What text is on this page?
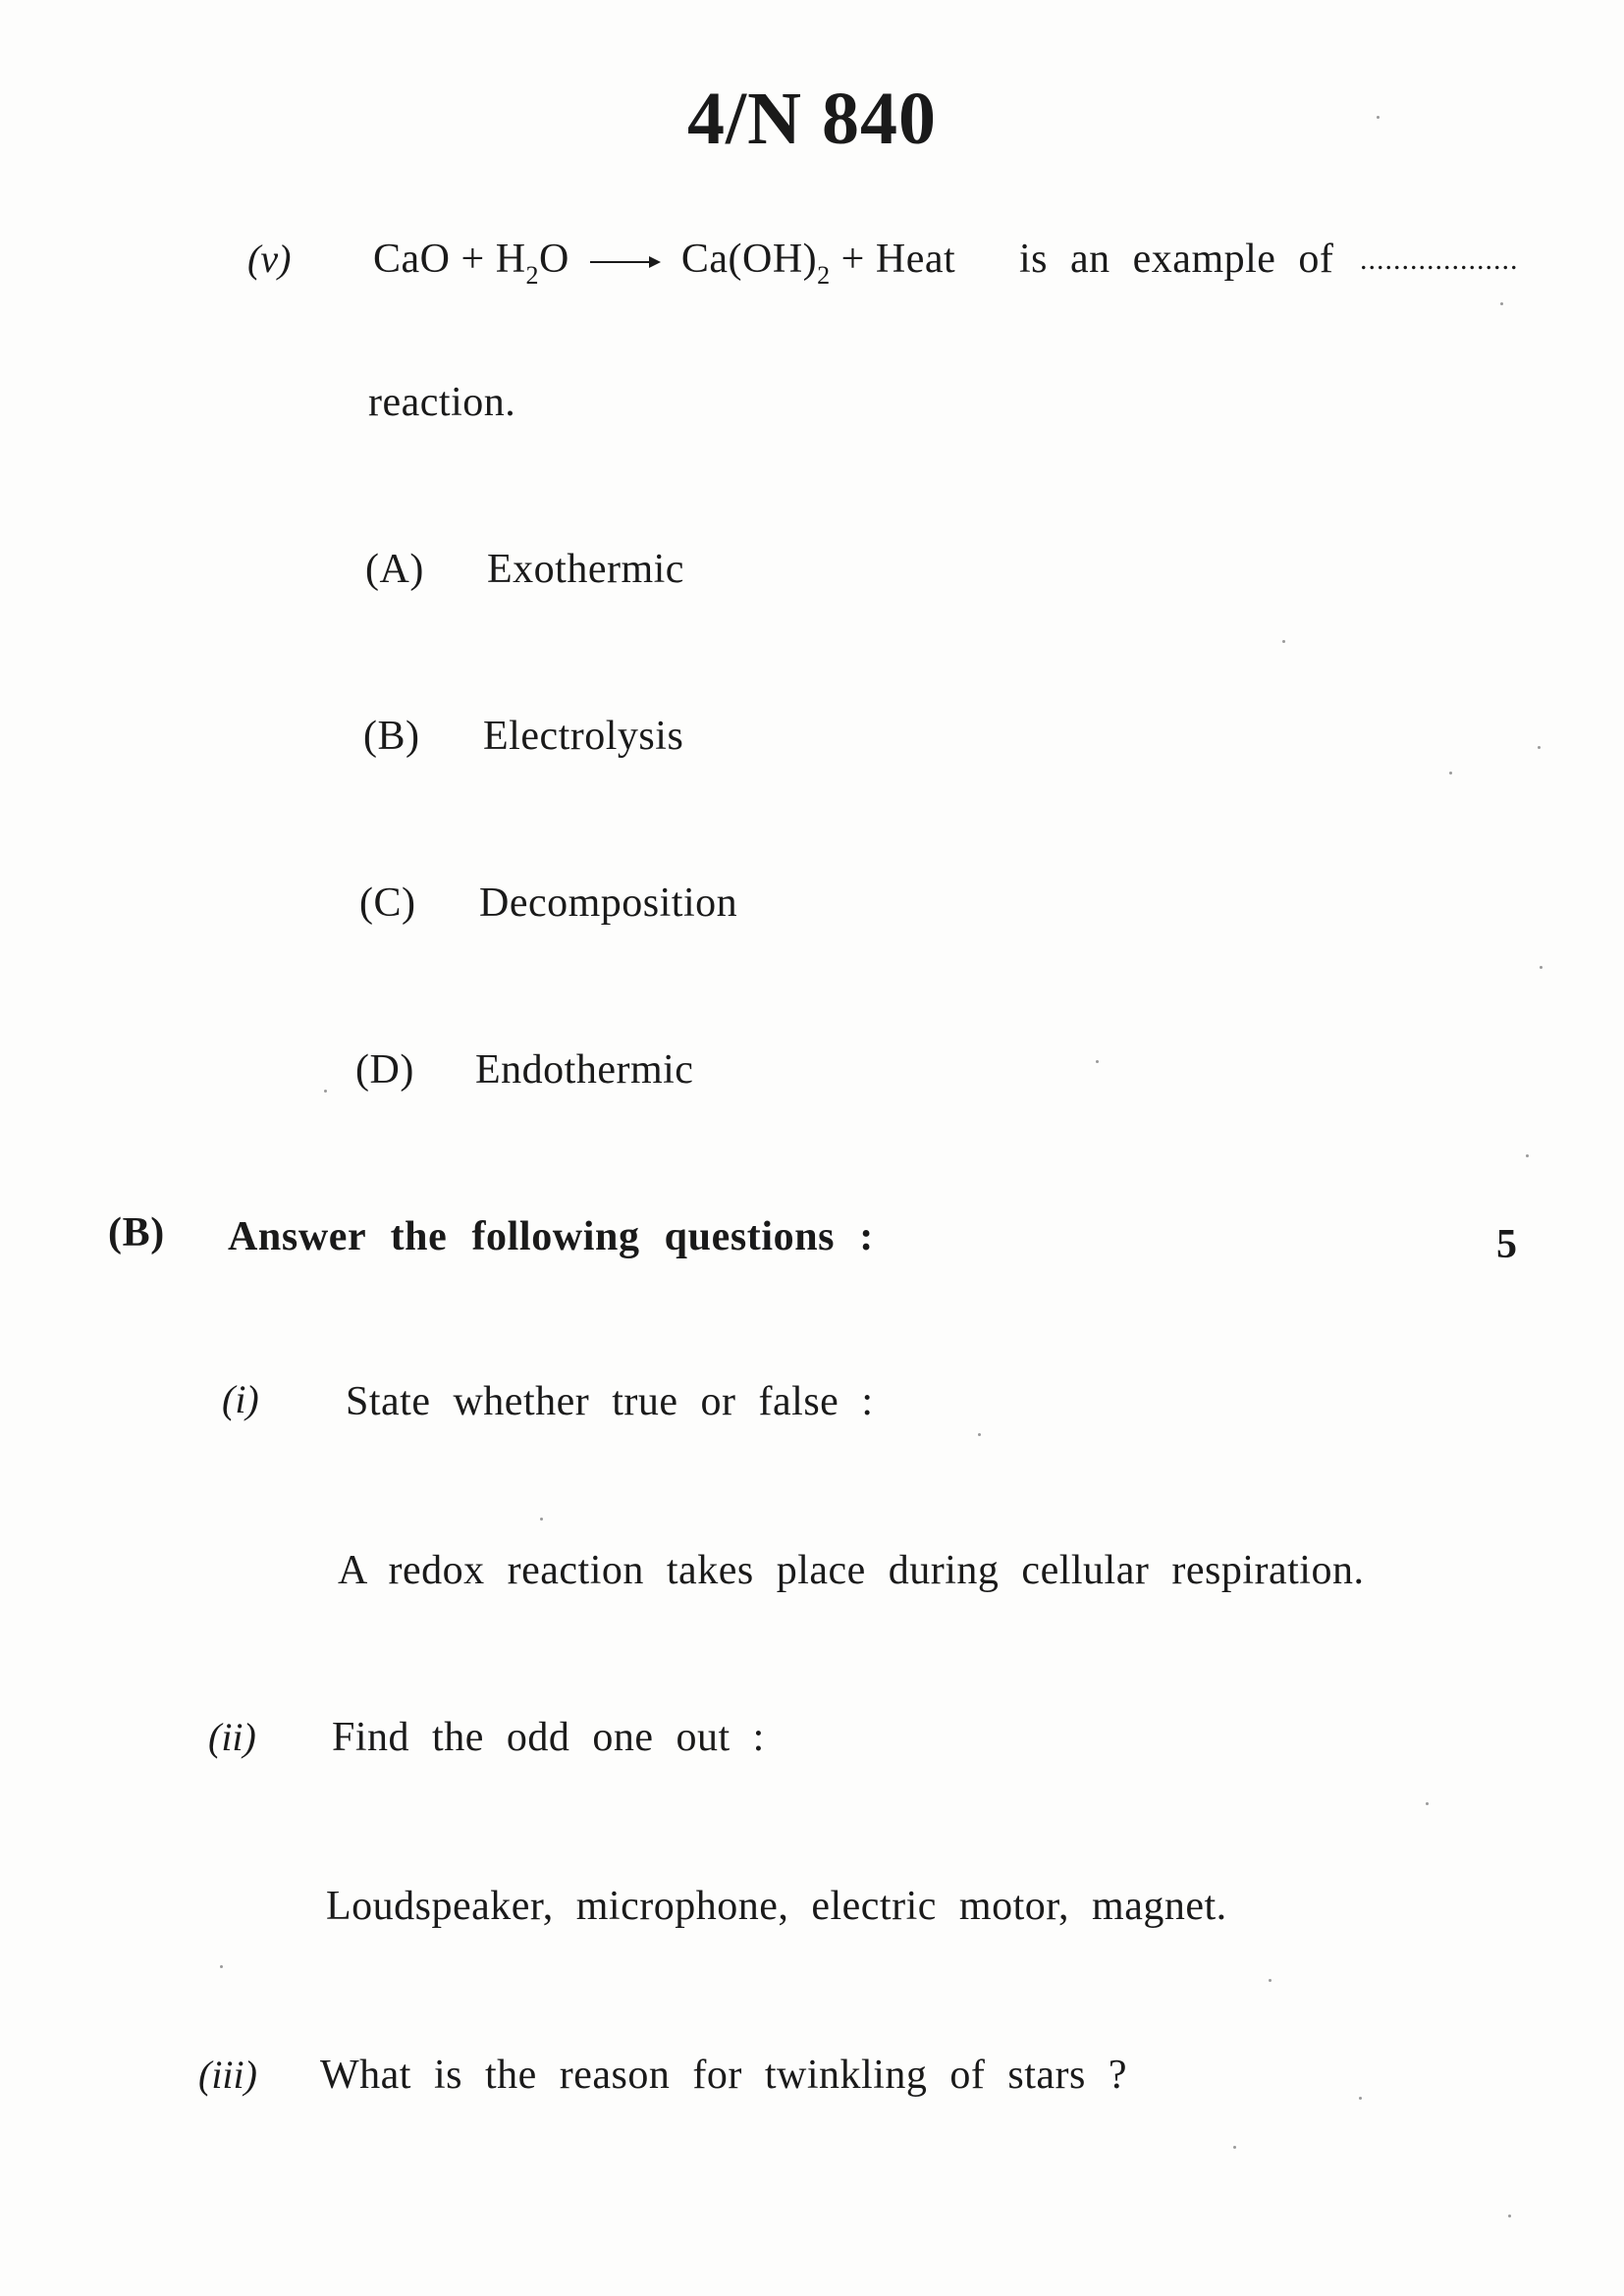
4/N 840
(v) CaO + $H_2O$	$Ca(OH)_2$ + Heat is an example of ...................
reaction.
(A) Exothermic
(B) Electrolysis
(C) Decomposition
(D) Endothermic
(B) Answer the following questions :	5
(i) State whether true or false :
A redox reaction takes place during cellular respiration.
(ii) Find the odd one out :
Loudspeaker, microphone, electric motor, magnet.
(iii) What is the reason for twinkling of stars ?
